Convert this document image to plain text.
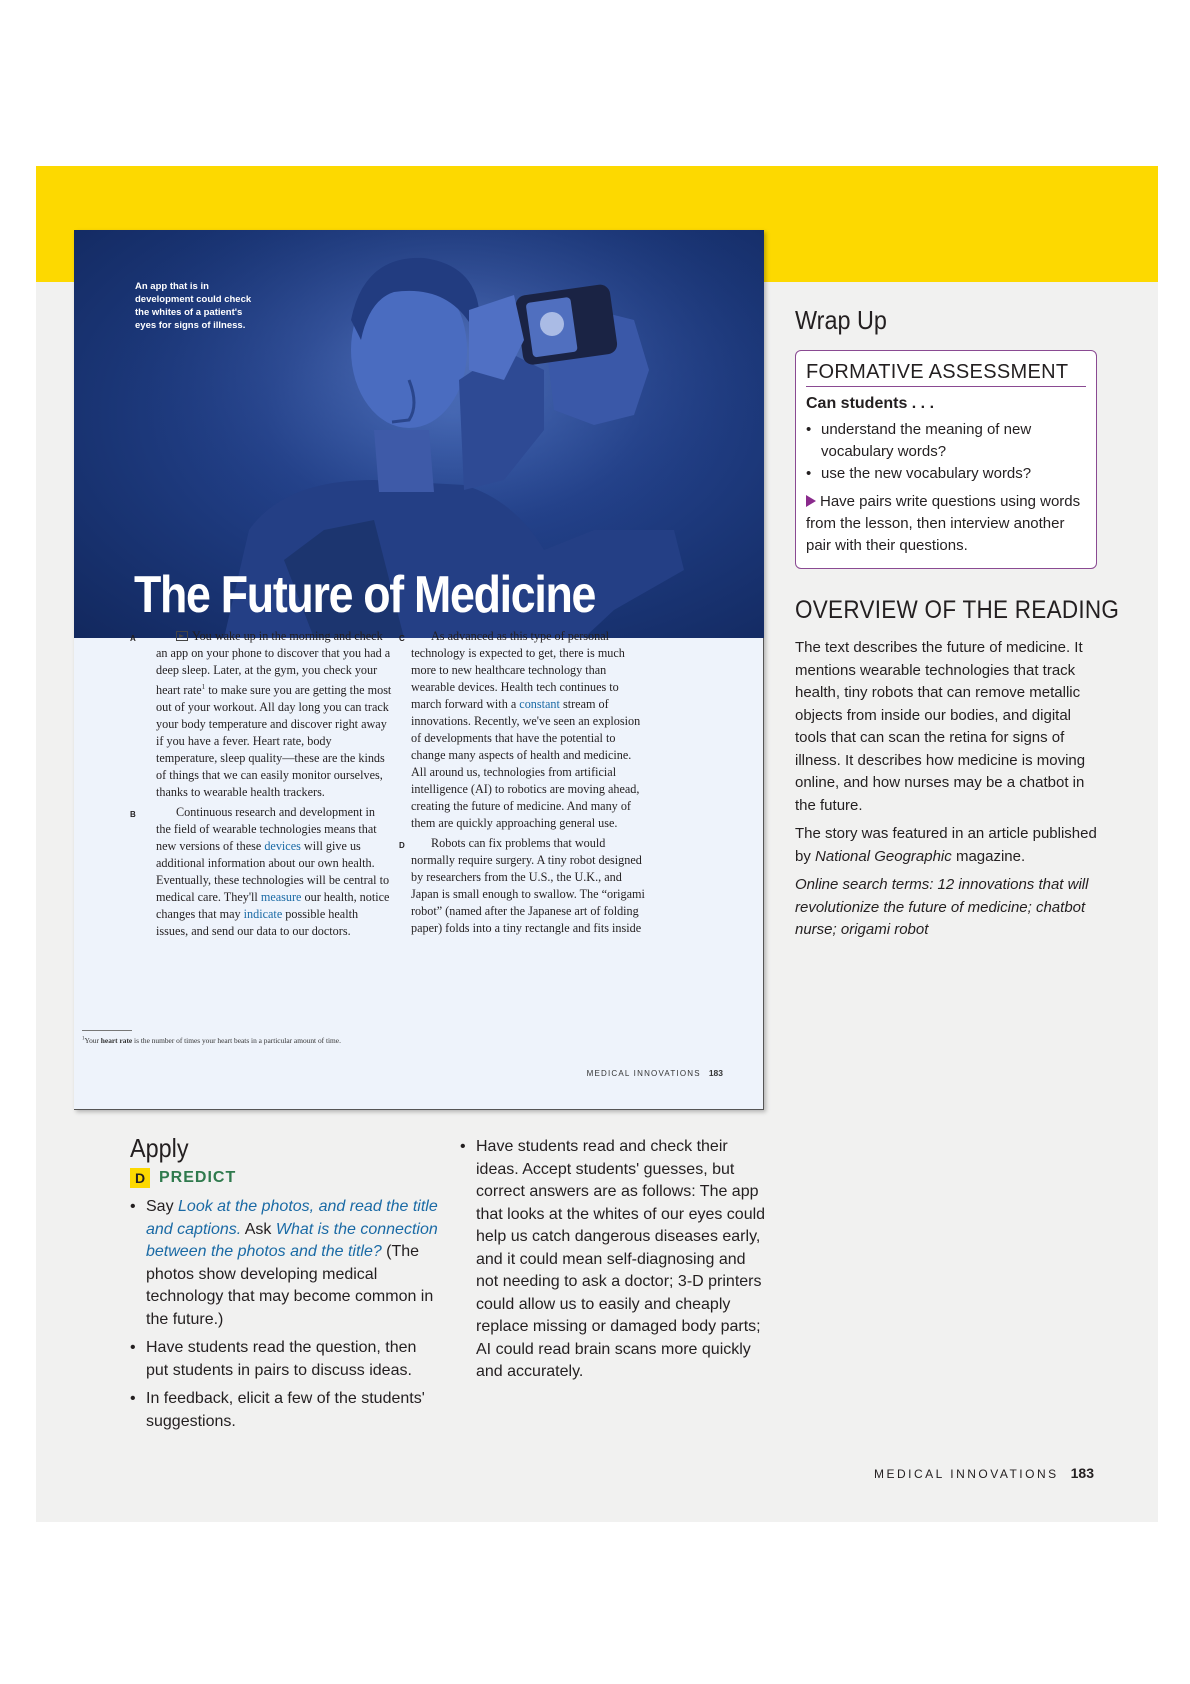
An app that is in development could check the whites of a patient's eyes for signs of illness.
The Future of Medicine

A	You wake up in the morning and check an app on your phone to discover that you had a deep sleep. Later, at the gym, you check your heart rate$^1$ to make sure you are getting the most out of your workout. All day long you can track your body temperature and discover right away if you have a fever. Heart rate, body temperature, sleep quality—these are the kinds of things that we can easily monitor ourselves, thanks to wearable health trackers.

B	Continuous research and development in the field of wearable technologies means that new versions of these devices will give us additional information about our own health. Eventually, these technologies will be central to medical care. They'll measure our health, notice changes that may indicate possible health issues, and send our data to our doctors.

C As advanced as this type of personal technology is expected to get, there is much more to new healthcare technology than wearable devices. Health tech continues to march forward with a constant stream of innovations. Recently, we've seen an explosion of developments that have the potential to change many aspects of health and medicine. All around us, technologies from artificial intelligence (AI) to robotics are moving ahead, creating the future of medicine. And many of them are quickly approaching general use.

D Robots can fix problems that would normally require surgery. A tiny robot designed by researchers from the U.S., the U.K., and Japan is small enough to swallow. The “origami robot” (named after the Japanese art of folding paper) folds into a tiny rectangle and fits inside

MEDICAL INNOVATIONS 183
$^1$Your heart rate is the number of times your heart beats in a particular amount of time.
Wrap Up
FORMATIVE ASSESSMENT
Can students . . .
• understand the meaning of new vocabulary words?
• use the new vocabulary words?

Have pairs write questions using words from the lesson, then interview another pair with their questions.

OVERVIEW OF THE READING

The text describes the future of medicine. It mentions wearable technologies that track health, tiny robots that can remove metallic objects from inside our bodies, and digital tools that can scan the retina for signs of illness. It describes how medicine is moving online, and how nurses may be a chatbot in the future.

The story was featured in an article published by National Geographic magazine.

Online search terms: 12 innovations that will revolutionize the future of medicine; chatbot nurse; origami robot

Apply
D PREDICT
• Say Look at the photos, and read the title and captions. Ask What is the connection between the photos and the title? (The photos show developing medical technology that may become common in the future.)
• Have students read the question, then put students in pairs to discuss ideas.
• In feedback, elicit a few of the students' suggestions.
• Have students read and check their ideas. Accept students' guesses, but correct answers are as follows: The app that looks at the whites of our eyes could help us catch dangerous diseases early, and it could mean self-diagnosing and not needing to ask a doctor; 3-D printers could allow us to easily and cheaply replace missing or damaged body parts; AI could read brain scans more quickly and accurately.
MEDICAL INNOVATIONS 183
